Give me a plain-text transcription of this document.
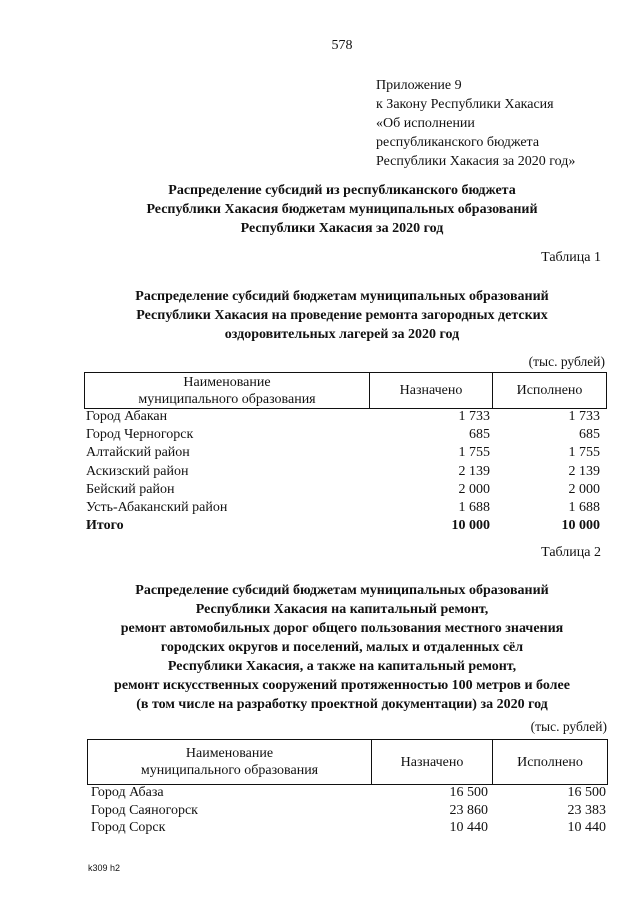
578
Приложение 9
к Закону Республики Хакасия
«Об исполнении
республиканского бюджета
Республики Хакасия за 2020 год»
Распределение субсидий из республиканского бюджета
Республики Хакасия бюджетам муниципальных образований
Республики Хакасия за 2020 год
Таблица 1
Распределение субсидий бюджетам муниципальных образований
Республики Хакасия на проведение ремонта загородных детских
оздоровительных лагерей за 2020 год
(тыс. рублей)
Наименование
муниципального образования
Назначено	Исполнено
Город Абакан	1 733	1 733
Город Черногорск	685	685
Алтайский район	1 755	1 755
Аскизский район	2 139	2 139
Бейский район	2 000	2 000
Усть-Абаканский район	1 688	1 688
Итого	10 000	10 000
Таблица 2
Распределение субсидий бюджетам муниципальных образований
Республики Хакасия на капитальный ремонт,
ремонт автомобильных дорог общего пользования местного значения
городских округов и поселений, малых и отдаленных сёл
Республики Хакасия, а также на капитальный ремонт,
ремонт искусственных сооружений протяженностью 100 метров и более
(в том числе на разработку проектной документации) за 2020 год
(тыс. рублей)
Наименование
муниципального образования
Назначено	Исполнено
Город Абаза	16 500	16 500
Город Саяногорск	23 860	23 383
Город Сорск	10 440	10 440
k309 h2
